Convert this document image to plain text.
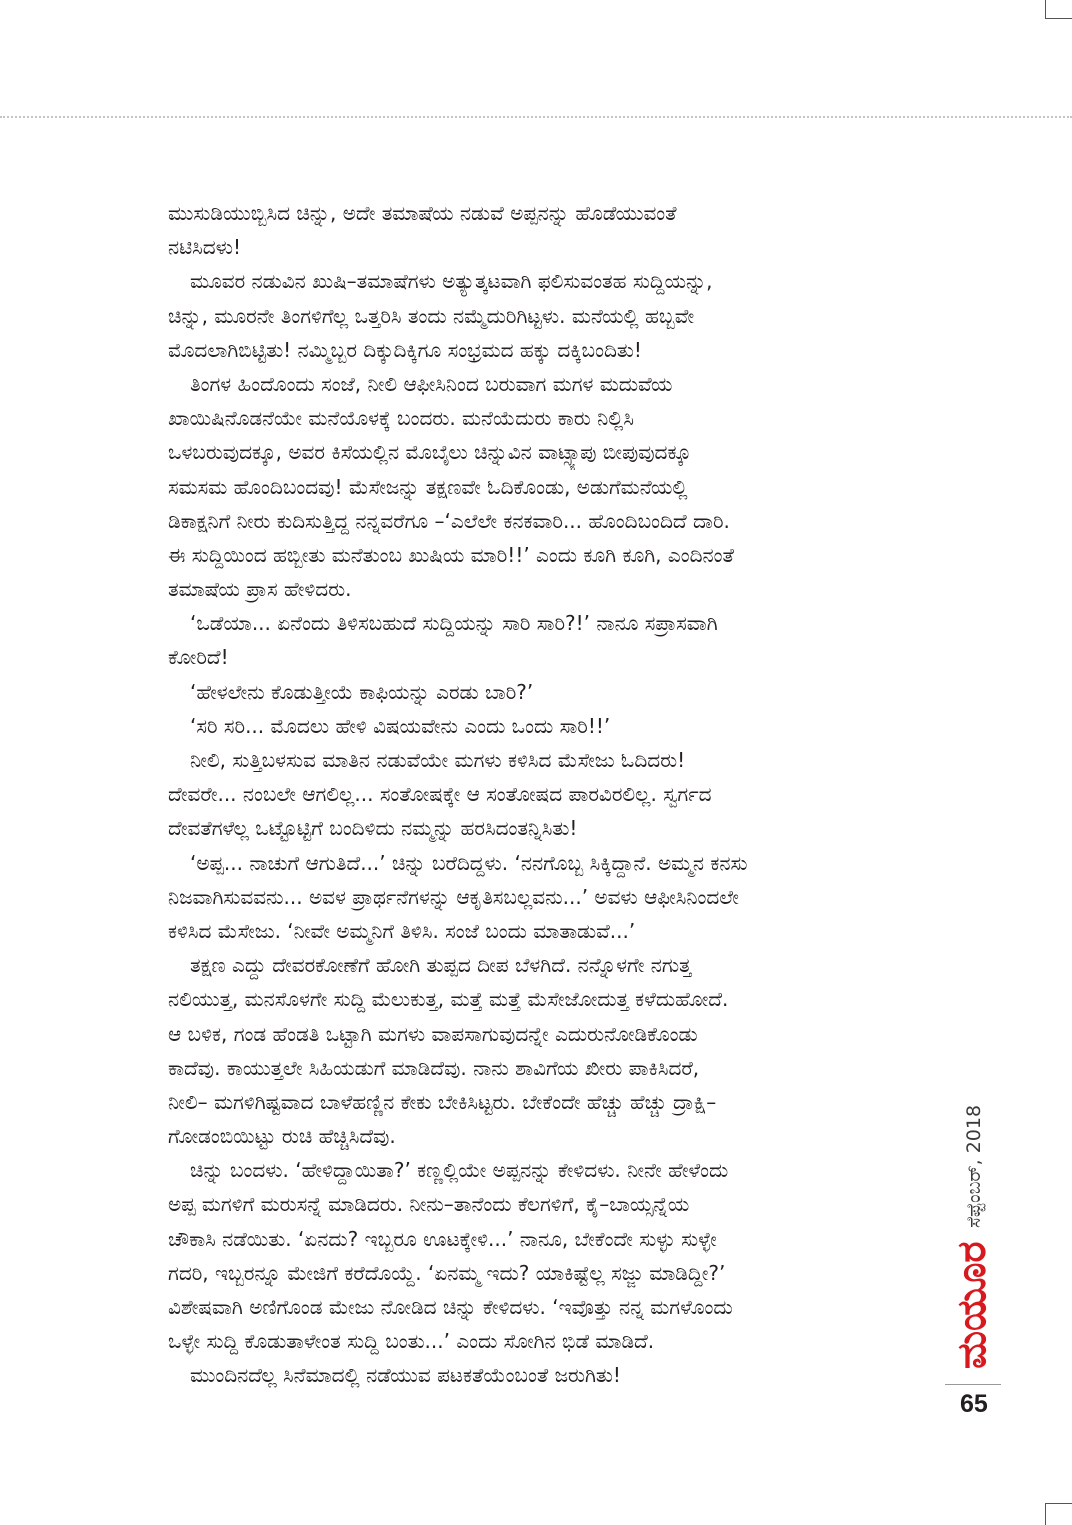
ಮುಸುಡಿಯುಬ್ಬಿಸಿದ ಚಿನ್ನು, ಅದೇ ತಮಾಷೆಯ ನಡುವೆ ಅಪ್ಪನನ್ನು ಹೊಡೆಯುವಂತೆ
ನಟಿಸಿದಳು!
ಮೂವರ ನಡುವಿನ ಖುಷಿ–ತಮಾಷೆಗಳು ಅತ್ಯುತ್ಕಟವಾಗಿ ಫಲಿಸುವಂತಹ ಸುದ್ದಿಯನ್ನು,
ಚಿನ್ನು, ಮೂರನೇ ತಿಂಗಳಿಗೆಲ್ಲ ಒತ್ತರಿಸಿ ತಂದು ನಮ್ಮೆದುರಿಗಿಟ್ಟಳು. ಮನೆಯಲ್ಲಿ ಹಬ್ಬವೇ
ಮೊದಲಾಗಿಬಿಟ್ಟಿತು! ನಮ್ಮಿಬ್ಬರ ದಿಕ್ಕುದಿಕ್ಕಿಗೂ ಸಂಭ್ರಮದ ಹಕ್ಕು ದಕ್ಕಿಬಂದಿತು!
ತಿಂಗಳ ಹಿಂದೊಂದು ಸಂಜೆ, ನೀಲಿ ಆಫೀಸಿನಿಂದ ಬರುವಾಗ ಮಗಳ ಮದುವೆಯ
ಖಾಯಿಷಿನೊಡನೆಯೇ ಮನೆಯೊಳಕ್ಕೆ ಬಂದರು. ಮನೆಯೆದುರು ಕಾರು ನಿಲ್ಲಿಸಿ
ಒಳಬರುವುದಕ್ಕೂ, ಅವರ ಕಿಸೆಯಲ್ಲಿನ ಮೊಬೈಲು ಚಿನ್ನುವಿನ ವಾಟ್ಸ್ಯಾಪು ಬೀಪುವುದಕ್ಕೂ
ಸಮಸಮ ಹೊಂದಿಬಂದವು! ಮೆಸೇಜನ್ನು ತಕ್ಷಣವೇ ಓದಿಕೊಂಡು, ಅಡುಗೆಮನೆಯಲ್ಲಿ
ಡಿಕಾಕ್ಷನಿಗೆ ನೀರು ಕುದಿಸುತ್ತಿದ್ದ ನನ್ನವರೆಗೂ –‘ಎಲೆಲೇ ಕನಕವಾರಿ... ಹೊಂದಿಬಂದಿದೆ ದಾರಿ.
ಈ ಸುದ್ದಿಯಿಂದ ಹಬ್ಬೀತು ಮನೆತುಂಬ ಖುಷಿಯ ಮಾರಿ!!’ ಎಂದು ಕೂಗಿ ಕೂಗಿ, ಎಂದಿನಂತೆ
ತಮಾಷೆಯ ಪ್ರಾಸ ಹೇಳಿದರು.
‘ಒಡೆಯಾ... ಏನೆಂದು ತಿಳಿಸಬಹುದೆ ಸುದ್ದಿಯನ್ನು ಸಾರಿ ಸಾರಿ?!’ ನಾನೂ ಸಪ್ರಾಸವಾಗಿ
ಕೋರಿದೆ!
‘ಹೇಳಲೇನು ಕೊಡುತ್ತೀಯೆ ಕಾಫಿಯನ್ನು ಎರಡು ಬಾರಿ?’
‘ಸರಿ ಸರಿ... ಮೊದಲು ಹೇಳಿ ವಿಷಯವೇನು ಎಂದು ಒಂದು ಸಾರಿ!!’
ನೀಲಿ, ಸುತ್ತಿಬಳಸುವ ಮಾತಿನ ನಡುವೆಯೇ ಮಗಳು ಕಳಿಸಿದ ಮೆಸೇಜು ಓದಿದರು!
ದೇವರೇ... ನಂಬಲೇ ಆಗಲಿಲ್ಲ... ಸಂತೋಷಕ್ಕೇ ಆ ಸಂತೋಷದ ಪಾರವಿರಲಿಲ್ಲ. ಸ್ವರ್ಗದ
ದೇವತೆಗಳೆಲ್ಲ ಒಟ್ಟೊಟ್ಟಿಗೆ ಬಂದಿಳಿದು ನಮ್ಮನ್ನು ಹರಸಿದಂತನ್ನಿಸಿತು!
‘ಅಪ್ಪ... ನಾಚುಗೆ ಆಗುತಿದೆ...’ ಚಿನ್ನು ಬರೆದಿದ್ದಳು. ‘ನನಗೊಬ್ಬ ಸಿಕ್ಕಿದ್ದಾನೆ. ಅಮ್ಮನ ಕನಸು
ನಿಜವಾಗಿಸುವವನು... ಅವಳ ಪ್ರಾರ್ಥನೆಗಳನ್ನು ಆಕೃತಿಸಬಲ್ಲವನು...’ ಅವಳು ಆಫೀಸಿನಿಂದಲೇ
ಕಳಿಸಿದ ಮೆಸೇಜು. ‘ನೀವೇ ಅಮ್ಮನಿಗೆ ತಿಳಿಸಿ. ಸಂಜೆ ಬಂದು ಮಾತಾಡುವೆ...’
ತಕ್ಷಣ ಎದ್ದು ದೇವರಕೋಣೆಗೆ ಹೋಗಿ ತುಪ್ಪದ ದೀಪ ಬೆಳಗಿದೆ. ನನ್ನೊಳಗೇ ನಗುತ್ತ
ನಲಿಯುತ್ತ, ಮನಸೊಳಗೇ ಸುದ್ದಿ ಮೆಲುಕುತ್ತ, ಮತ್ತೆ ಮತ್ತೆ ಮೆಸೇಜೋದುತ್ತ ಕಳೆದುಹೋದೆ.
ಆ ಬಳಿಕ, ಗಂಡ ಹೆಂಡತಿ ಒಟ್ಟಾಗಿ ಮಗಳು ವಾಪಸಾಗುವುದನ್ನೇ ಎದುರುನೋಡಿಕೊಂಡು
ಕಾದೆವು. ಕಾಯುತ್ತಲೇ ಸಿಹಿಯಡುಗೆ ಮಾಡಿದೆವು. ನಾನು ಶಾವಿಗೆಯ ಖೀರು ಪಾಕಿಸಿದರೆ,
ನೀಲಿ– ಮಗಳಿಗಿಷ್ಟವಾದ ಬಾಳೆಹಣ್ಣಿನ ಕೇಕು ಬೇಕಿಸಿಟ್ಟರು. ಬೇಕೆಂದೇ ಹೆಚ್ಚು ಹೆಚ್ಚು ದ್ರಾಕ್ಷಿ–
ಗೋಡಂಬಿಯಿಟ್ಟು ರುಚಿ ಹೆಚ್ಚಿಸಿದೆವು.
ಚಿನ್ನು ಬಂದಳು. ‘ಹೇಳಿದ್ದಾಯಿತಾ?’ ಕಣ್ಣಲ್ಲಿಯೇ ಅಪ್ಪನನ್ನು ಕೇಳಿದಳು. ನೀನೇ ಹೇಳೆಂದು
ಅಪ್ಪ ಮಗಳಿಗೆ ಮರುಸನ್ನೆ ಮಾಡಿದರು. ನೀನು–ತಾನೆಂದು ಕೆಲಗಳಿಗೆ, ಕೈ–ಬಾಯ್ಸನ್ನೆಯ
ಚೌಕಾಸಿ ನಡೆಯಿತು. ‘ಏನದು? ಇಬ್ಬರೂ ಊಟಕ್ಕೇಳಿ...’ ನಾನೂ, ಬೇಕೆಂದೇ ಸುಳ್ಳು ಸುಳ್ಳೇ
ಗದರಿ, ಇಬ್ಬರನ್ನೂ ಮೇಜಿಗೆ ಕರೆದೊಯ್ದೆ. ‘ಏನಮ್ಮ ಇದು? ಯಾಕಿಷ್ಟೆಲ್ಲ ಸಜ್ಜು ಮಾಡಿದ್ದೀ?’
ವಿಶೇಷವಾಗಿ ಅಣಿಗೊಂಡ ಮೇಜು ನೋಡಿದ ಚಿನ್ನು ಕೇಳಿದಳು. ‘ಇವೊತ್ತು ನನ್ನ ಮಗಳೊಂದು
ಒಳ್ಳೇ ಸುದ್ದಿ ಕೊಡುತಾಳೇಂತ ಸುದ್ದಿ ಬಂತು...’ ಎಂದು ಸೋಗಿನ ಭಿಡೆ ಮಾಡಿದೆ.
ಮುಂದಿನದೆಲ್ಲ ಸಿನೆಮಾದಲ್ಲಿ ನಡೆಯುವ ಪಟಕತೆಯೆಂಬಂತೆ ಜರುಗಿತು!
ಸೆಪ್ಟೆಂಬರ್, 2018
ಮಯೂರ
65
